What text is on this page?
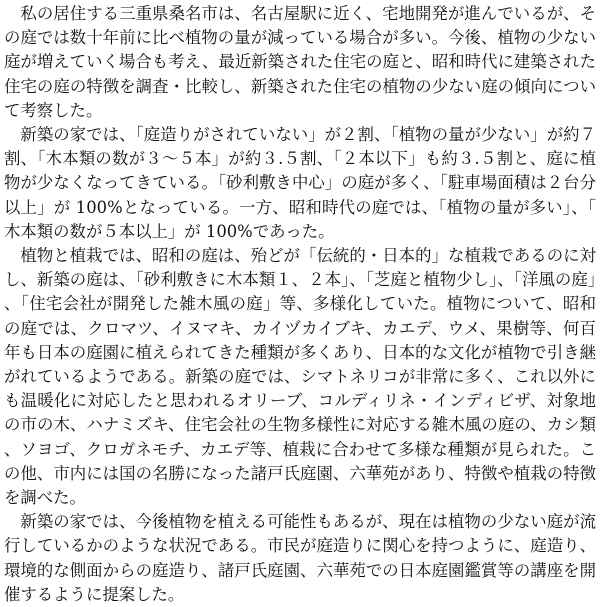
私の居住する三重県桑名市は、名古屋駅に近く、宅地開発が進んでいるが、その庭では数十年前に比べ植物の量が減っている場合が多い。今後、植物の少ない庭が増えていく場合も考え、最近新築された住宅の庭と、昭和時代に建築された住宅の庭の特徴を調査・比較し、新築された住宅の植物の少ない庭の傾向について考察した。

新築の家では、「庭造りがされていない」が２割、「植物の量が少ない」が約７割、「木本類の数が３～５本」が約３.５割、「２本以下」も約３.５割と、庭に植物が少なくなってきている。「砂利敷き中心」の庭が多く、「駐車場面積は２台分以上」が 100%となっている。一方、昭和時代の庭では、「植物の量が多い」、「木本類の数が５本以上」が 100%であった。

植物と植栽では、昭和の庭は、殆どが「伝統的・日本的」な植栽であるのに対し、新築の庭は、「砂利敷きに木本類１、２本」、「芝庭と植物少し」、「洋風の庭」、「住宅会社が開発した雑木風の庭」等、多様化していた。植物について、昭和の庭では、クロマツ、イヌマキ、カイヅカイブキ、カエデ、ウメ、果樹等、何百年も日本の庭園に植えられてきた種類が多くあり、日本的な文化が植物で引き継がれているようである。新築の庭では、シマトネリコが非常に多く、これ以外にも温暖化に対応したと思われるオリーブ、コルディリネ・インディビザ、対象地の市の木、ハナミズキ、住宅会社の生物多様性に対応する雑木風の庭の、カシ類、ソヨゴ、クロガネモチ、カエデ等、植栽に合わせて多様な種類が見られた。この他、市内には国の名勝になった諸戸氏庭園、六華苑があり、特徴や植栽の特徴を調べた。

新築の家では、今後植物を植える可能性もあるが、現在は植物の少ない庭が流行しているかのような状況である。市民が庭造りに関心を持つように、庭造り、環境的な側面からの庭造り、諸戸氏庭園、六華苑での日本庭園鑑賞等の講座を開催するように提案した。
